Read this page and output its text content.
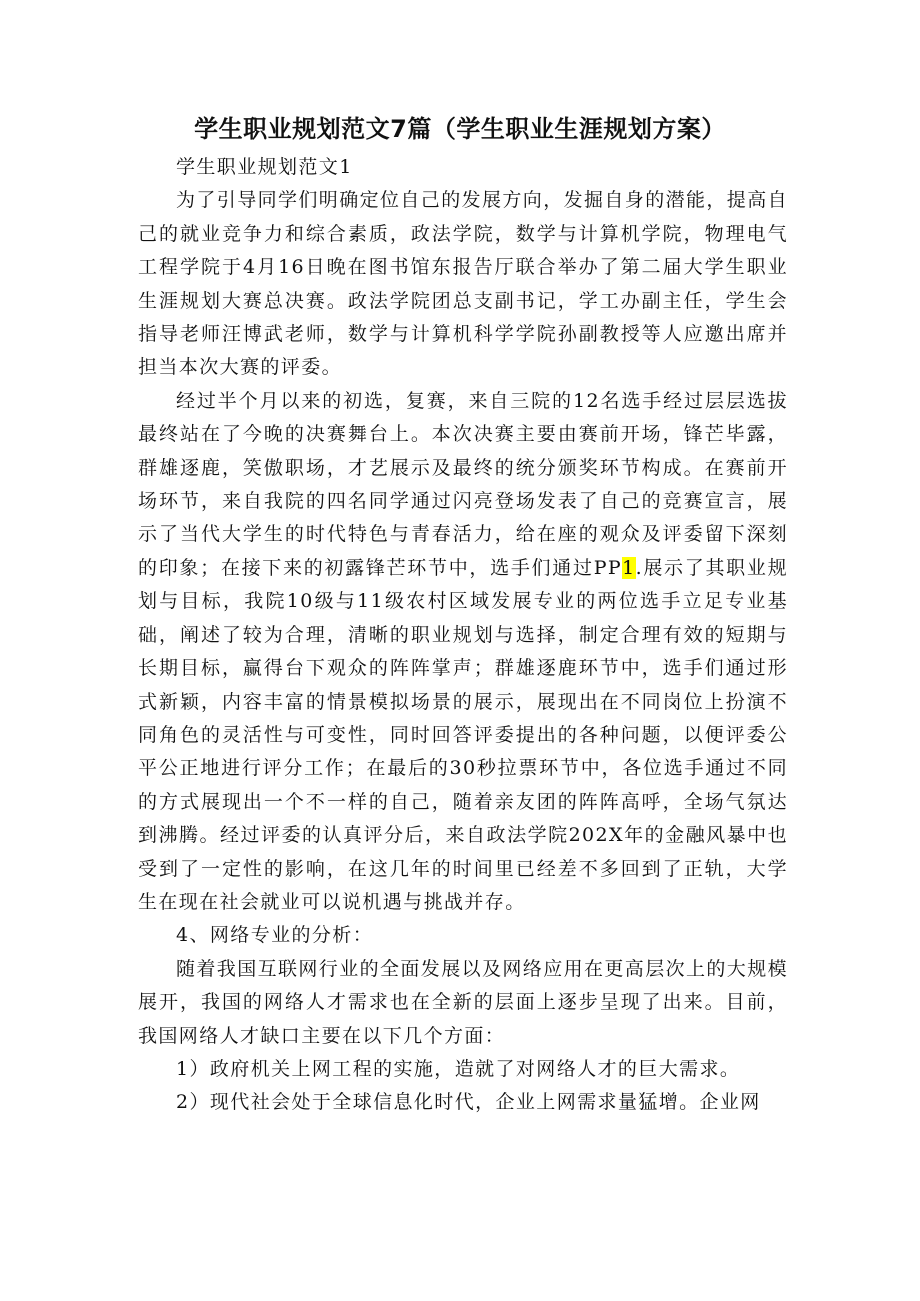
学生职业规划范文7篇（学生职业生涯规划方案）

学生职业规划范文1

为了引导同学们明确定位自己的发展方向，发掘自身的潜能，提高自己的就业竞争力和综合素质，政法学院，数学与计算机学院，物理电气工程学院于4月16日晚在图书馆东报告厅联合举办了第二届大学生职业生涯规划大赛总决赛。政法学院团总支副书记，学工办副主任，学生会指导老师汪博武老师，数学与计算机科学学院孙副教授等人应邀出席并担当本次大赛的评委。

经过半个月以来的初选，复赛，来自三院的12名选手经过层层选拔最终站在了今晚的决赛舞台上。本次决赛主要由赛前开场，锋芒毕露，群雄逐鹿，笑傲职场，才艺展示及最终的统分颁奖环节构成。在赛前开场环节，来自我院的四名同学通过闪亮登场发表了自己的竞赛宣言，展示了当代大学生的时代特色与青春活力，给在座的观众及评委留下深刻的印象；在接下来的初露锋芒环节中，选手们通过PP1.展示了其职业规划与目标，我院10级与11级农村区域发展专业的两位选手立足专业基础，阐述了较为合理，清晰的职业规划与选择，制定合理有效的短期与长期目标，赢得台下观众的阵阵掌声；群雄逐鹿环节中，选手们通过形式新颖，内容丰富的情景模拟场景的展示，展现出在不同岗位上扮演不同角色的灵活性与可变性，同时回答评委提出的各种问题，以便评委公平公正地进行评分工作；在最后的30秒拉票环节中，各位选手通过不同的方式展现出一个不一样的自己，随着亲友团的阵阵高呼，全场气氛达到沸腾。经过评委的认真评分后，来自政法学院202X年的金融风暴中也受到了一定性的影响，在这几年的时间里已经差不多回到了正轨，大学生在现在社会就业可以说机遇与挑战并存。

4、网络专业的分析：

随着我国互联网行业的全面发展以及网络应用在更高层次上的大规模展开，我国的网络人才需求也在全新的层面上逐步呈现了出来。目前，我国网络人才缺口主要在以下几个方面：

1）政府机关上网工程的实施，造就了对网络人才的巨大需求。

2）现代社会处于全球信息化时代，企业上网需求量猛增。企业网
